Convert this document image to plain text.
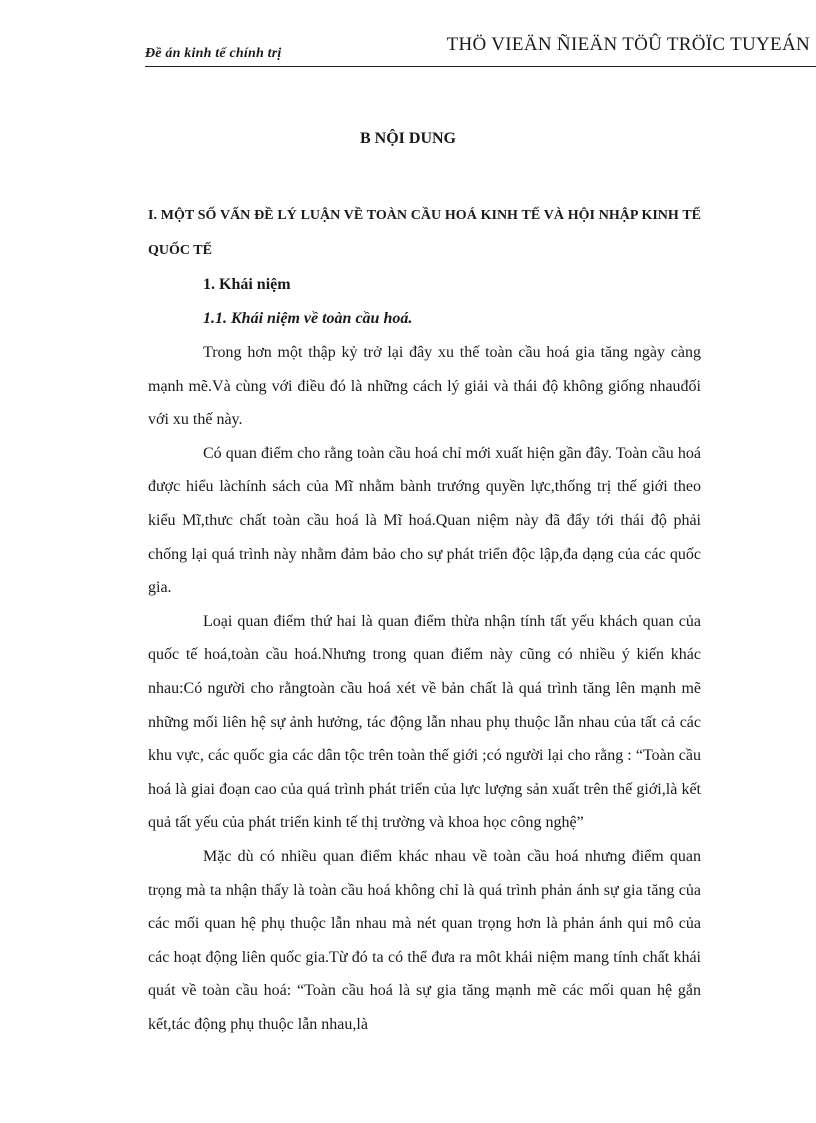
Đề án kinh tế chính trị	THÖ VIEÄN ÑIEÄN TÖÛ TRÖÏC TUYEÁN
B NỘI DUNG

I. MỘT SỐ VẤN ĐỀ LÝ LUẬN VỀ TOÀN CẦU HOÁ KINH TẾ VÀ HỘI NHẬP KINH TẾ QUỐC TẾ

1. Khái niệm

1.1. Khái niệm về toàn cầu hoá.

Trong hơn một thập kỷ trở lại đây xu thế toàn cầu hoá gia tăng ngày càng mạnh mẽ.Và cùng với điều đó là những cách lý giải và thái độ không giống nhauđối với xu thế này.

Có quan điểm cho rằng toàn cầu hoá chỉ mới xuất hiện gần đây. Toàn cầu hoá được hiểu làchính sách của Mĩ nhằm bành trướng quyền lực,thống trị thế giới theo kiểu Mĩ,thưc chất toàn cầu hoá là Mĩ hoá.Quan niệm này đã đẩy tới thái độ phải chống lại quá trình này nhằm đảm bảo cho sự phát triển độc lập,đa dạng của các quốc gia.

Loại quan điểm thứ hai là quan điểm thừa nhận tính tất yếu khách quan của quốc tế hoá,toàn cầu hoá.Nhưng trong quan điểm này cũng có nhiều ý kiến khác nhau:Có người cho rằngtoàn cầu hoá xét về bản chất là quá trình tăng lên mạnh mẽ những mối liên hệ sự ảnh hưởng, tác động lẫn nhau phụ thuộc lẫn nhau của tất cả các khu vực, các quốc gia các dân tộc trên toàn thế giới ;có người lại cho rằng : “Toàn cầu hoá là giai đoạn cao của quá trình phát triển của lực lượng sản xuất trên thế giới,là kết quả tất yếu của phát triển kinh tế thị trường và khoa học công nghệ”

Mặc dù có nhiều quan điểm khác nhau về toàn cầu hoá nhưng điểm quan trọng mà ta nhận thấy là toàn cầu hoá không chỉ là quá trình phản ánh sự gia tăng của các mối quan hệ phụ thuộc lẫn nhau mà nét quan trọng hơn là phản ánh qui mô của các hoạt động liên quốc gia.Từ đó ta có thể đưa ra môt khái niệm mang tính chất khái quát về toàn cầu hoá: “Toàn cầu hoá là sự gia tăng mạnh mẽ các mối quan hệ gắn kết,tác động phụ thuộc lẫn nhau,là
